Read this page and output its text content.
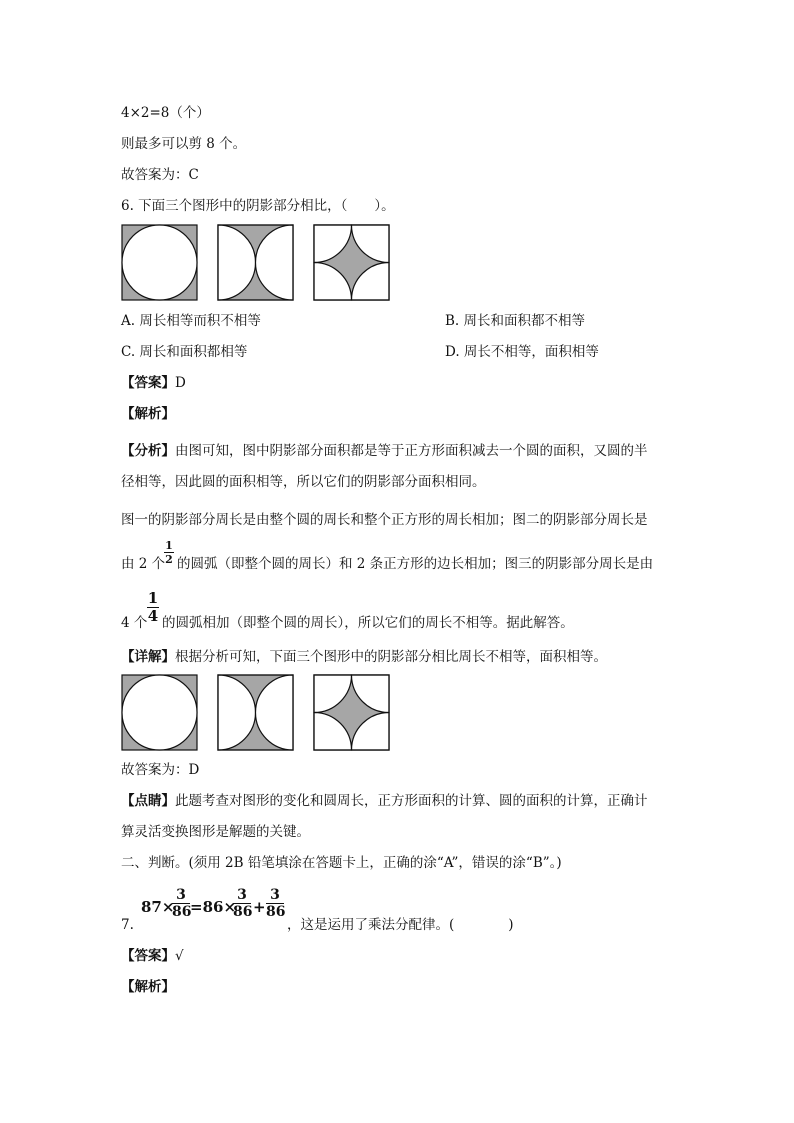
4×2=8（个）
则最多可以剪 8 个。
故答案为：C
6. 下面三个图形中的阴影部分相比，（　　）。
A. 周长相等而积不相等	B. 周长和面积都不相等
C. 周长和面积都相等	D. 周长不相等，面积相等
【答案】D
【解析】
【分析】由图可知，图中阴影部分面积都是等于正方形面积减去一个圆的面积，又圆的半
径相等，因此圆的面积相等，所以它们的阴影部分面积相同。
图一的阴影部分周长是由整个圆的周长和整个正方形的周长相加；图二的阴影部分周长是
由 2 个
1
2 的圆弧（即整个圆的周长）和 2 条正方形的边长相加；图三的阴影部分周长是由
4 个
1
4 的圆弧相加（即整个圆的周长），所以它们的周长不相等。据此解答。
【详解】根据分析可知，下面三个图形中的阴影部分相比周长不相等，面积相等。
故答案为：D
【点睛】此题考查对图形的变化和圆周长，正方形面积的计算、圆的面积的计算，正确计
算灵活变换图形是解题的关键。
二、判断。(须用 2B 铅笔填涂在答题卡上，正确的涂“A”，错误的涂“B”。)
7.
87×
3
86
=86×
3
86 +
3
86
，这是运用了乘法分配律。(　　　　)
【答案】√
【解析】
